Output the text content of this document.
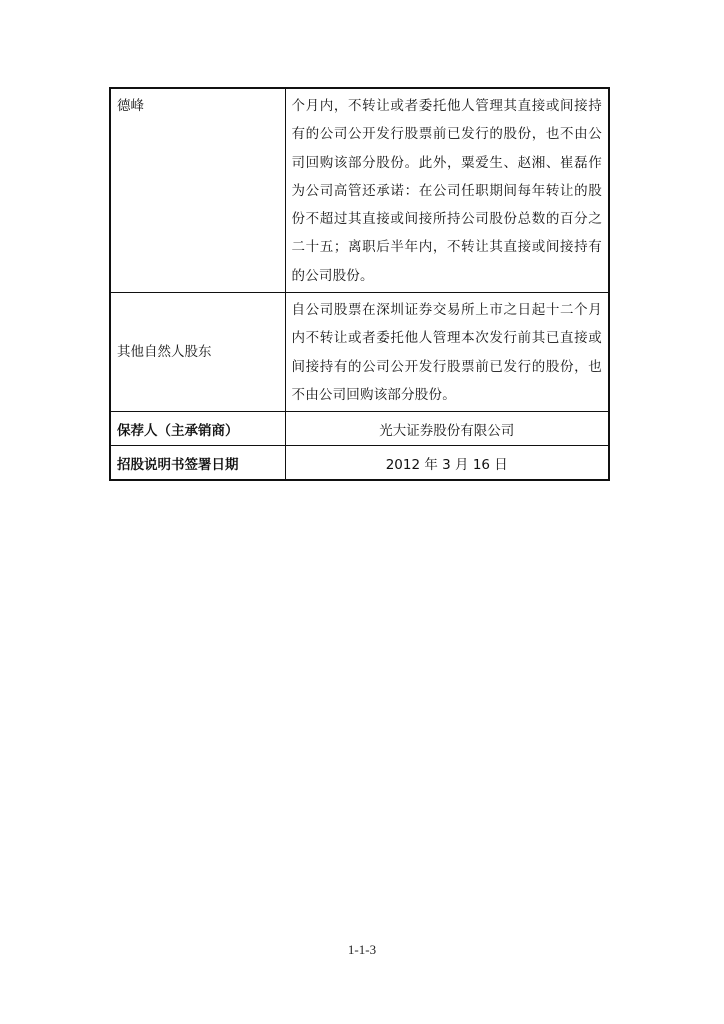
德峰	个月内，不转让或者委托他人管理其直接或间接持有的公司公开发行股票前已发行的股份，也不由公司回购该部分股份。此外，粟爱生、赵湘、崔磊作为公司高管还承诺：在公司任职期间每年转让的股份不超过其直接或间接所持公司股份总数的百分之二十五；离职后半年内，不转让其直接或间接持有的公司股份。
其他自然人股东	自公司股票在深圳证券交易所上市之日起十二个月内不转让或者委托他人管理本次发行前其已直接或间接持有的公司公开发行股票前已发行的股份，也不由公司回购该部分股份。
保荐人（主承销商）	光大证券股份有限公司
招股说明书签署日期	2012 年 3 月 16 日
1-1-3
